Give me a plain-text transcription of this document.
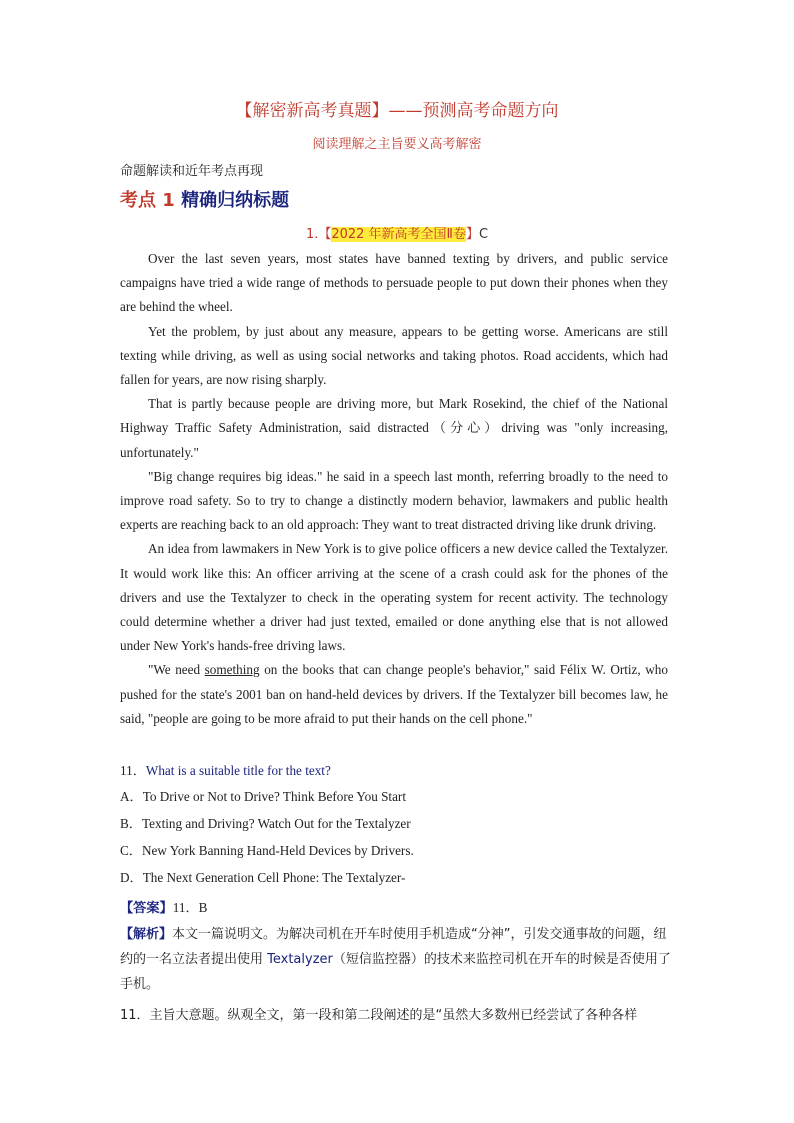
【解密新高考真题】——预测高考命题方向
阅读理解之主旨要义高考解密
命题解读和近年考点再现
考点 1 精确归纳标题
1.【2022 年新高考全国Ⅱ卷】C

Over the last seven years, most states have banned texting by drivers, and public service campaigns have tried a wide range of methods to persuade people to put down their phones when they are behind the wheel.

Yet the problem, by just about any measure, appears to be getting worse. Americans are still texting while driving, as well as using social networks and taking photos. Road accidents, which had fallen for years, are now rising sharply.

That is partly because people are driving more, but Mark Rosekind, the chief of the National Highway Traffic Safety Administration, said distracted（分心）driving was "only increasing, unfortunately."

"Big change requires big ideas." he said in a speech last month, referring broadly to the need to improve road safety. So to try to change a distinctly modern behavior, lawmakers and public health experts are reaching back to an old approach: They want to treat distracted driving like drunk driving.

An idea from lawmakers in New York is to give police officers a new device called the Textalyzer. It would work like this: An officer arriving at the scene of a crash could ask for the phones of the drivers and use the Textalyzer to check in the operating system for recent activity. The technology could determine whether a driver had just texted, emailed or done anything else that is not allowed under New York's hands-free driving laws.

"We need something on the books that can change people's behavior," said Félix W. Ortiz, who pushed for the state's 2001 ban on hand-held devices by drivers. If the Textalyzer bill becomes law, he said, "people are going to be more afraid to put their hands on the cell phone."

11．What is a suitable title for the text?
A．To Drive or Not to Drive? Think Before You Start
B．Texting and Driving? Watch Out for the Textalyzer
C．New York Banning Hand-Held Devices by Drivers.
D．The Next Generation Cell Phone: The Textalyzer-
【答案】11．B

【解析】本文一篇说明文。为解决司机在开车时使用手机造成“分神”，引发交通事故的问题，纽约的一名立法者提出使用 Textalyzer（短信监控器）的技术来监控司机在开车的时候是否使用了手机。

11．主旨大意题。纵观全文，第一段和第二段阐述的是“虽然大多数州已经尝试了各种各样
